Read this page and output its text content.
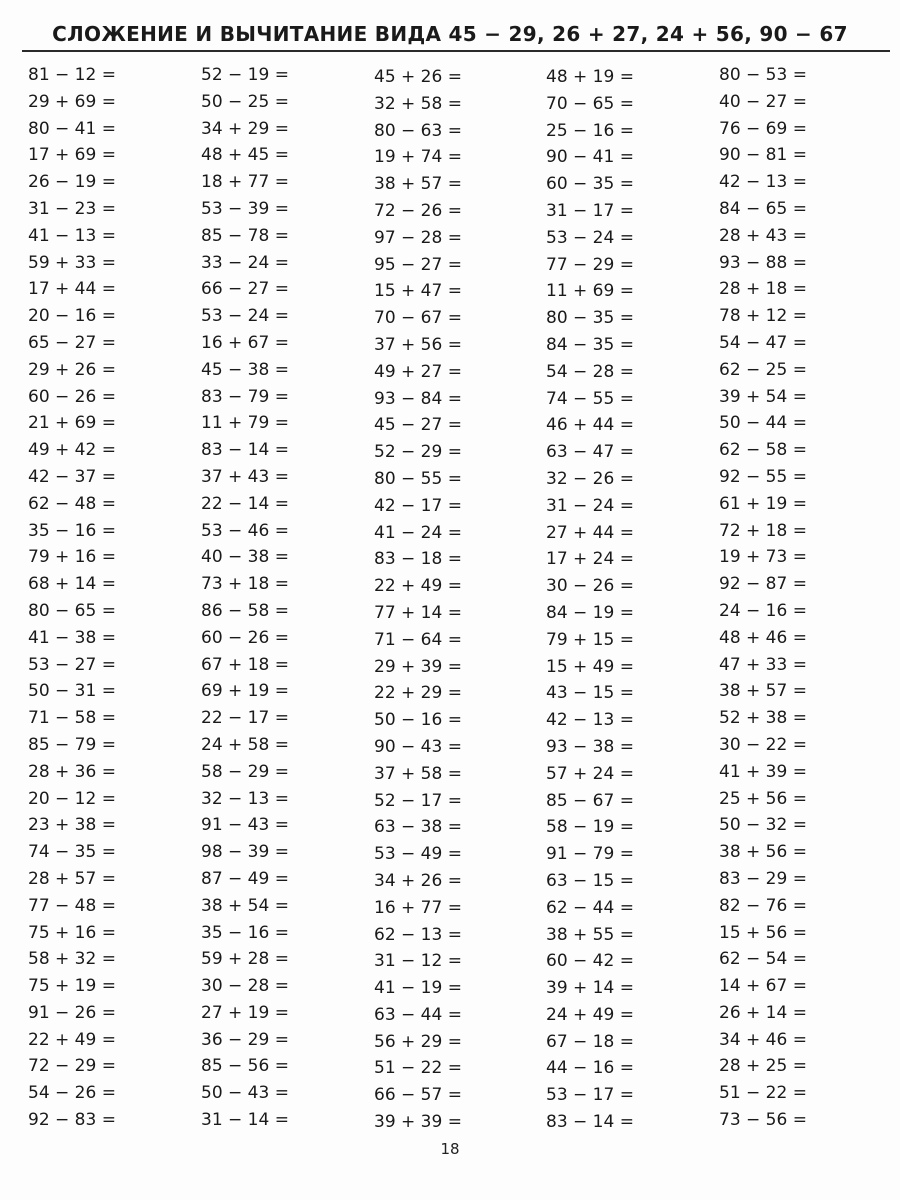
СЛОЖЕНИЕ И ВЫЧИТАНИЕ ВИДА 45 − 29, 26 + 27, 24 + 56, 90 − 67
81 − 12 =
29 + 69 =
80 − 41 =
17 + 69 =
26 − 19 =
31 − 23 =
41 − 13 =
59 + 33 =
17 + 44 =
20 − 16 =
65 − 27 =
29 + 26 =
60 − 26 =
21 + 69 =
49 + 42 =
42 − 37 =
62 − 48 =
35 − 16 =
79 + 16 =
68 + 14 =
80 − 65 =
41 − 38 =
53 − 27 =
50 − 31 =
71 − 58 =
85 − 79 =
28 + 36 =
20 − 12 =
23 + 38 =
74 − 35 =
28 + 57 =
77 − 48 =
75 + 16 =
58 + 32 =
75 + 19 =
91 − 26 =
22 + 49 =
72 − 29 =
54 − 26 =
92 − 83 =
52 − 19 =
50 − 25 =
34 + 29 =
48 + 45 =
18 + 77 =
53 − 39 =
85 − 78 =
33 − 24 =
66 − 27 =
53 − 24 =
16 + 67 =
45 − 38 =
83 − 79 =
11 + 79 =
83 − 14 =
37 + 43 =
22 − 14 =
53 − 46 =
40 − 38 =
73 + 18 =
86 − 58 =
60 − 26 =
67 + 18 =
69 + 19 =
22 − 17 =
24 + 58 =
58 − 29 =
32 − 13 =
91 − 43 =
98 − 39 =
87 − 49 =
38 + 54 =
35 − 16 =
59 + 28 =
30 − 28 =
27 + 19 =
36 − 29 =
85 − 56 =
50 − 43 =
31 − 14 =
45 + 26 =
32 + 58 =
80 − 63 =
19 + 74 =
38 + 57 =
72 − 26 =
97 − 28 =
95 − 27 =
15 + 47 =
70 − 67 =
37 + 56 =
49 + 27 =
93 − 84 =
45 − 27 =
52 − 29 =
80 − 55 =
42 − 17 =
41 − 24 =
83 − 18 =
22 + 49 =
77 + 14 =
71 − 64 =
29 + 39 =
22 + 29 =
50 − 16 =
90 − 43 =
37 + 58 =
52 − 17 =
63 − 38 =
53 − 49 =
34 + 26 =
16 + 77 =
62 − 13 =
31 − 12 =
41 − 19 =
63 − 44 =
56 + 29 =
51 − 22 =
66 − 57 =
39 + 39 =
48 + 19 =
70 − 65 =
25 − 16 =
90 − 41 =
60 − 35 =
31 − 17 =
53 − 24 =
77 − 29 =
11 + 69 =
80 − 35 =
84 − 35 =
54 − 28 =
74 − 55 =
46 + 44 =
63 − 47 =
32 − 26 =
31 − 24 =
27 + 44 =
17 + 24 =
30 − 26 =
84 − 19 =
79 + 15 =
15 + 49 =
43 − 15 =
42 − 13 =
93 − 38 =
57 + 24 =
85 − 67 =
58 − 19 =
91 − 79 =
63 − 15 =
62 − 44 =
38 + 55 =
60 − 42 =
39 + 14 =
24 + 49 =
67 − 18 =
44 − 16 =
53 − 17 =
83 − 14 =
80 − 53 =
40 − 27 =
76 − 69 =
90 − 81 =
42 − 13 =
84 − 65 =
28 + 43 =
93 − 88 =
28 + 18 =
78 + 12 =
54 − 47 =
62 − 25 =
39 + 54 =
50 − 44 =
62 − 58 =
92 − 55 =
61 + 19 =
72 + 18 =
19 + 73 =
92 − 87 =
24 − 16 =
48 + 46 =
47 + 33 =
38 + 57 =
52 + 38 =
30 − 22 =
41 + 39 =
25 + 56 =
50 − 32 =
38 + 56 =
83 − 29 =
82 − 76 =
15 + 56 =
62 − 54 =
14 + 67 =
26 + 14 =
34 + 46 =
28 + 25 =
51 − 22 =
73 − 56 =
18
